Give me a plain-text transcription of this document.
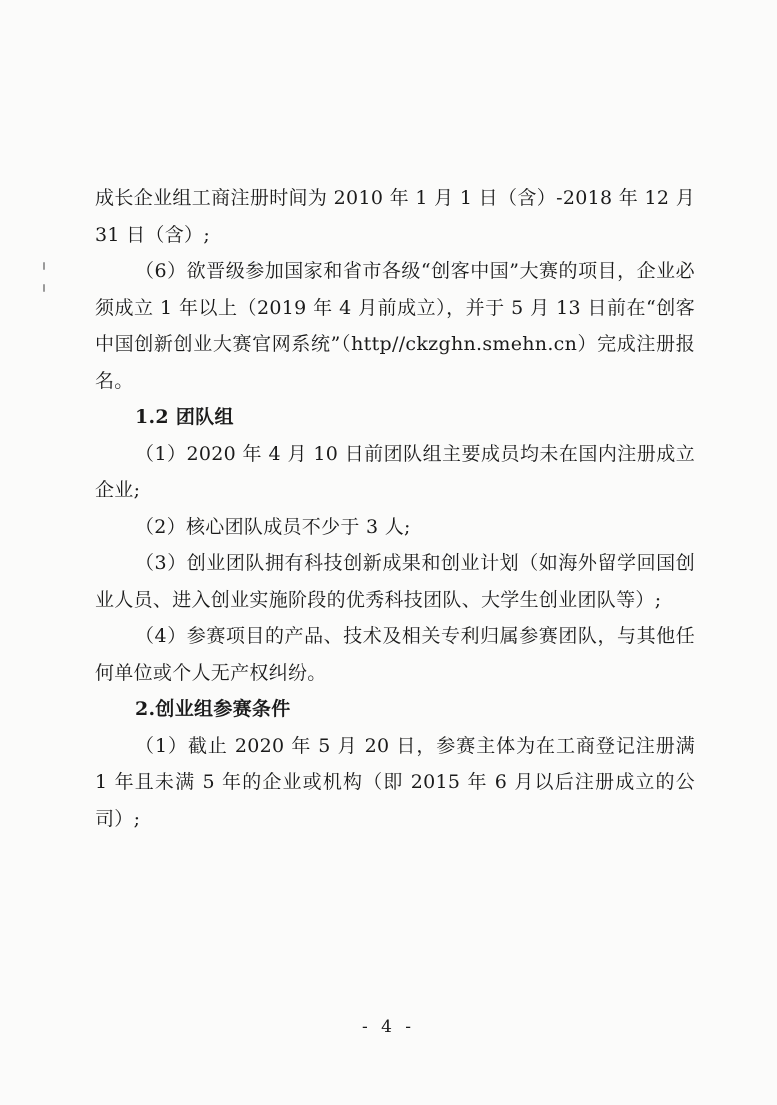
成长企业组工商注册时间为 2010 年 1 月 1 日（含）-2018 年 12 月 31 日（含）;

（6）欲晋级参加国家和省市各级“创客中国”大赛的项目，企业必须成立 1 年以上（2019 年 4 月前成立），并于 5 月 13 日前在“创客中国创新创业大赛官网系统”（http//ckzghn.smehn.cn）完成注册报名。

1.2 团队组

（1）2020 年 4 月 10 日前团队组主要成员均未在国内注册成立企业;

（2）核心团队成员不少于 3 人;

（3）创业团队拥有科技创新成果和创业计划（如海外留学回国创业人员、进入创业实施阶段的优秀科技团队、大学生创业团队等）;

（4）参赛项目的产品、技术及相关专利归属参赛团队，与其他任何单位或个人无产权纠纷。

2.创业组参赛条件

（1）截止 2020 年 5 月 20 日，参赛主体为在工商登记注册满 1 年且未满 5 年的企业或机构（即 2015 年 6 月以后注册成立的公司）;

- 4 -
